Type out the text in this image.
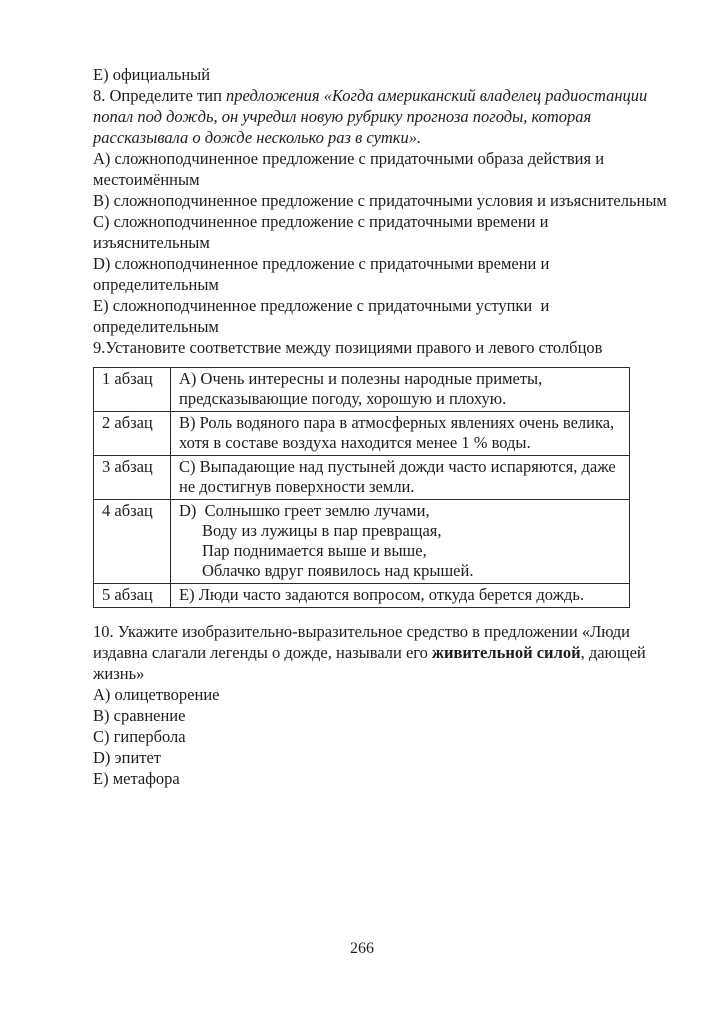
E) официальный

8. Определите тип предложения «Когда американский владелец радиостанции попал под дождь, он учредил новую рубрику прогноза погоды, которая рассказывала о дожде несколько раз в сутки».

A) сложноподчиненное предложение с придаточными образа действия и местоимённым

B) сложноподчиненное предложение с придаточными условия и изъяснительным

C) сложноподчиненное предложение с придаточными времени и изъяснительным

D) сложноподчиненное предложение с придаточными времени и определительным

E) сложноподчиненное предложение с придаточными уступки  и определительным

9.Установите соответствие между позициями правого и левого столбцов

1 абзац	A) Очень интересны и полезны народные приметы, предсказывающие погоду, хорошую и плохую.
2 абзац	B) Роль водяного пара в атмосферных явлениях очень велика, хотя в составе воздуха находится менее 1 % воды.
3 абзац	C) Выпадающие над пустыней дожди часто испаряются, даже не достигнув поверхности земли.
4 абзац	D)  Солнышко греет землю лучами,
Воду из лужицы в пар превращая,
Пар поднимается выше и выше,
Облачко вдруг появилось над крышей.

5 абзац	E) Люди часто задаются вопросом, откуда берется дождь.

10. Укажите изобразительно-выразительное средство в предложении «Люди издавна слагали легенды о дожде, называли его живительной силой, дающей жизнь»

A) олицетворение

B) сравнение

C) гипербола

D) эпитет

E) метафора

266
